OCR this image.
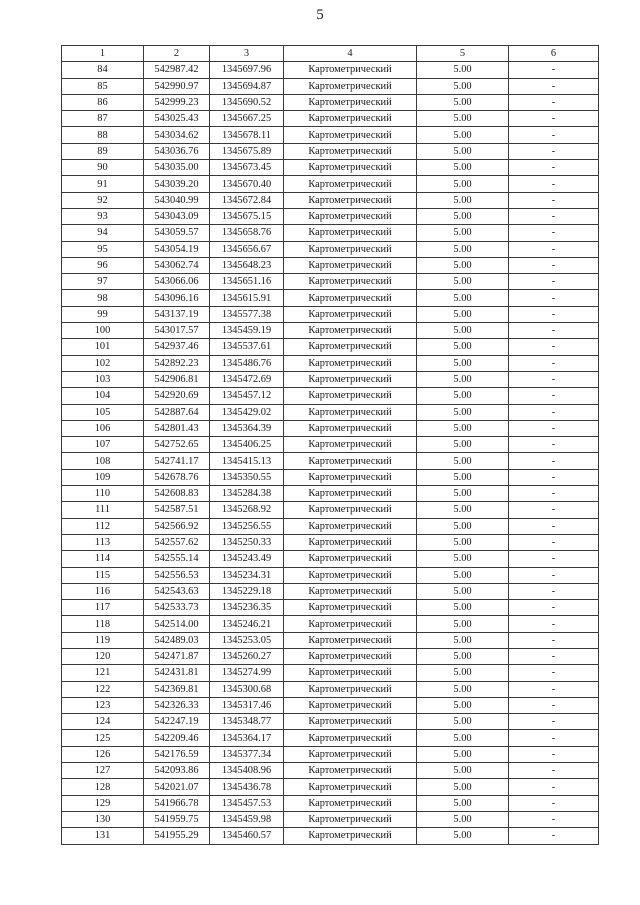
5
1	2	3	4	5	6
84	542987.42	1345697.96	Картометрический	5.00	-
85	542990.97	1345694.87	Картометрический	5.00	-
86	542999.23	1345690.52	Картометрический	5.00	-
87	543025.43	1345667.25	Картометрический	5.00	-
88	543034.62	1345678.11	Картометрический	5.00	-
89	543036.76	1345675.89	Картометрический	5.00	-
90	543035.00	1345673.45	Картометрический	5.00	-
91	543039.20	1345670.40	Картометрический	5.00	-
92	543040.99	1345672.84	Картометрический	5.00	-
93	543043.09	1345675.15	Картометрический	5.00	-
94	543059.57	1345658.76	Картометрический	5.00	-
95	543054.19	1345656.67	Картометрический	5.00	-
96	543062.74	1345648.23	Картометрический	5.00	-
97	543066.06	1345651.16	Картометрический	5.00	-
98	543096.16	1345615.91	Картометрический	5.00	-
99	543137.19	1345577.38	Картометрический	5.00	-
100	543017.57	1345459.19	Картометрический	5.00	-
101	542937.46	1345537.61	Картометрический	5.00	-
102	542892.23	1345486.76	Картометрический	5.00	-
103	542906.81	1345472.69	Картометрический	5.00	-
104	542920.69	1345457.12	Картометрический	5.00	-
105	542887.64	1345429.02	Картометрический	5.00	-
106	542801.43	1345364.39	Картометрический	5.00	-
107	542752.65	1345406.25	Картометрический	5.00	-
108	542741.17	1345415.13	Картометрический	5.00	-
109	542678.76	1345350.55	Картометрический	5.00	-
110	542608.83	1345284.38	Картометрический	5.00	-
111	542587.51	1345268.92	Картометрический	5.00	-
112	542566.92	1345256.55	Картометрический	5.00	-
113	542557.62	1345250.33	Картометрический	5.00	-
114	542555.14	1345243.49	Картометрический	5.00	-
115	542556.53	1345234.31	Картометрический	5.00	-
116	542543.63	1345229.18	Картометрический	5.00	-
117	542533.73	1345236.35	Картометрический	5.00	-
118	542514.00	1345246.21	Картометрический	5.00	-
119	542489.03	1345253.05	Картометрический	5.00	-
120	542471.87	1345260.27	Картометрический	5.00	-
121	542431.81	1345274.99	Картометрический	5.00	-
122	542369.81	1345300.68	Картометрический	5.00	-
123	542326.33	1345317.46	Картометрический	5.00	-
124	542247.19	1345348.77	Картометрический	5.00	-
125	542209.46	1345364.17	Картометрический	5.00	-
126	542176.59	1345377.34	Картометрический	5.00	-
127	542093.86	1345408.96	Картометрический	5.00	-
128	542021.07	1345436.78	Картометрический	5.00	-
129	541966.78	1345457.53	Картометрический	5.00	-
130	541959.75	1345459.98	Картометрический	5.00	-
131	541955.29	1345460.57	Картометрический	5.00	-
